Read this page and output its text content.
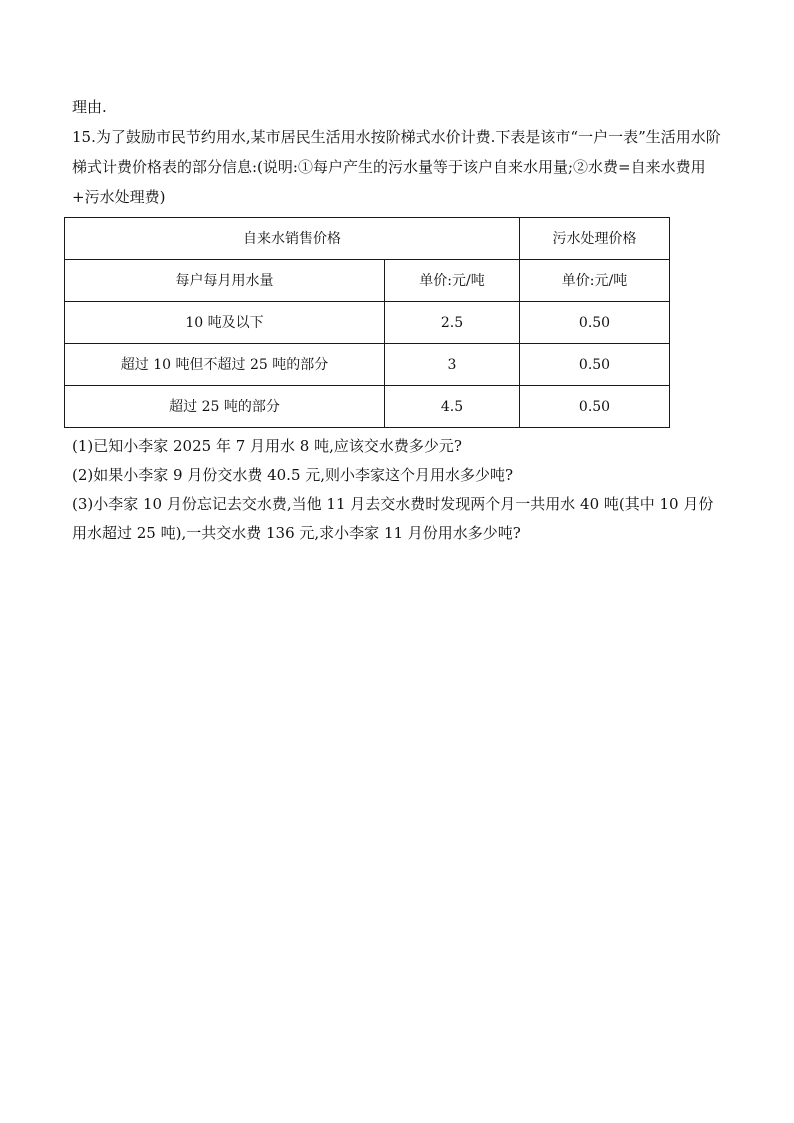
理由.

15.为了鼓励市民节约用水,某市居民生活用水按阶梯式水价计费.下表是该市“一户一表”生活用水阶梯式计费价格表的部分信息:(说明:①每户产生的污水量等于该户自来水用量;②水费=自来水费用+污水处理费)

自来水销售价格		污水处理价格
每户每月用水量	单价:元/吨	单价:元/吨
10 吨及以下	2.5	0.50
超过 10 吨但不超过 25 吨的部分	3	0.50
超过 25 吨的部分	4.5	0.50

(1)已知小李家 2025 年 7 月用水 8 吨,应该交水费多少元?

(2)如果小李家 9 月份交水费 40.5 元,则小李家这个月用水多少吨?

(3)小李家 10 月份忘记去交水费,当他 11 月去交水费时发现两个月一共用水 40 吨(其中 10 月份用水超过 25 吨),一共交水费 136 元,求小李家 11 月份用水多少吨?
